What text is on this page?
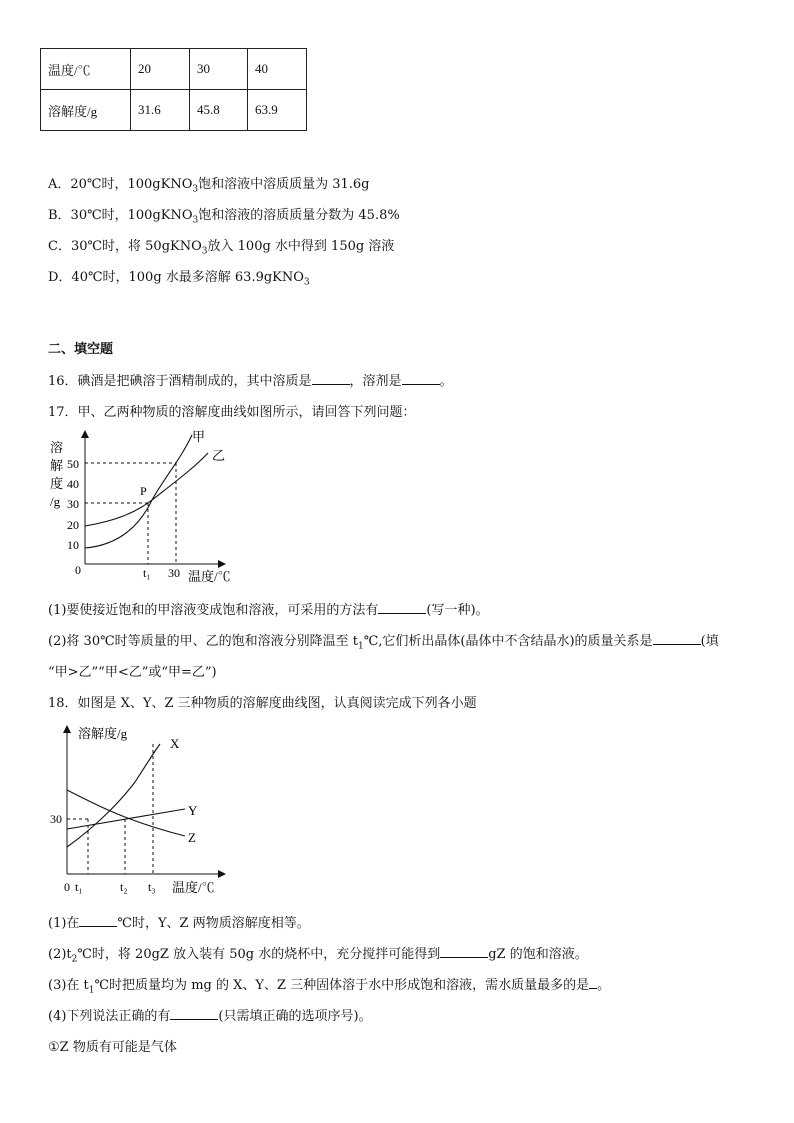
温度/℃	20	30	40
溶解度/g	31.6	45.8	63.9
A．20℃时，100gKNO$_3$饱和溶液中溶质质量为 31.6g
B．30℃时，100gKNO$_3$饱和溶液的溶质质量分数为 45.8%
C．30℃时，将 50gKNO$_3$放入 100g 水中得到 150g 溶液
D．40℃时，100g 水最多溶解 63.9gKNO$_3$
二、填空题
16．碘酒是把碘溶于酒精制成的，其中溶质是	，溶剂是	。
17．甲、乙两种物质的溶解度曲线如图所示，请回答下列问题：
溶
解
度
/g
10
20
30
40
50
甲
乙
P
0	t₁ 30 温度/℃
(1)要使接近饱和的甲溶液变成饱和溶液，可采用的方法有	(写一种)。
(2)将 30℃时等质量的甲、乙的饱和溶液分别降温至 $t_1℃$,它们析出晶体(晶体中不含结晶水)的质量关系是	(填
“甲>乙”“甲<乙”或“甲=乙”)
18．如图是 X、Y、Z 三种物质的溶解度曲线图，认真阅读完成下列各小题
溶解度/g
30
X
Y
Z
0 t₁	t₂ t₃ 温度/℃
(1)在	℃时，Y、Z 两物质溶解度相等。
$(2)t_2℃$时，将 20gZ 放入装有 50g 水的烧杯中，充分搅拌可能得到	gZ 的饱和溶液。
(3)在 $t_1℃$时把质量均为 mg 的 X、Y、Z 三种固体溶于水中形成饱和溶液，需水质量最多的是 。
(4)下列说法正确的有	(只需填正确的选项序号)。
①Z 物质有可能是气体
